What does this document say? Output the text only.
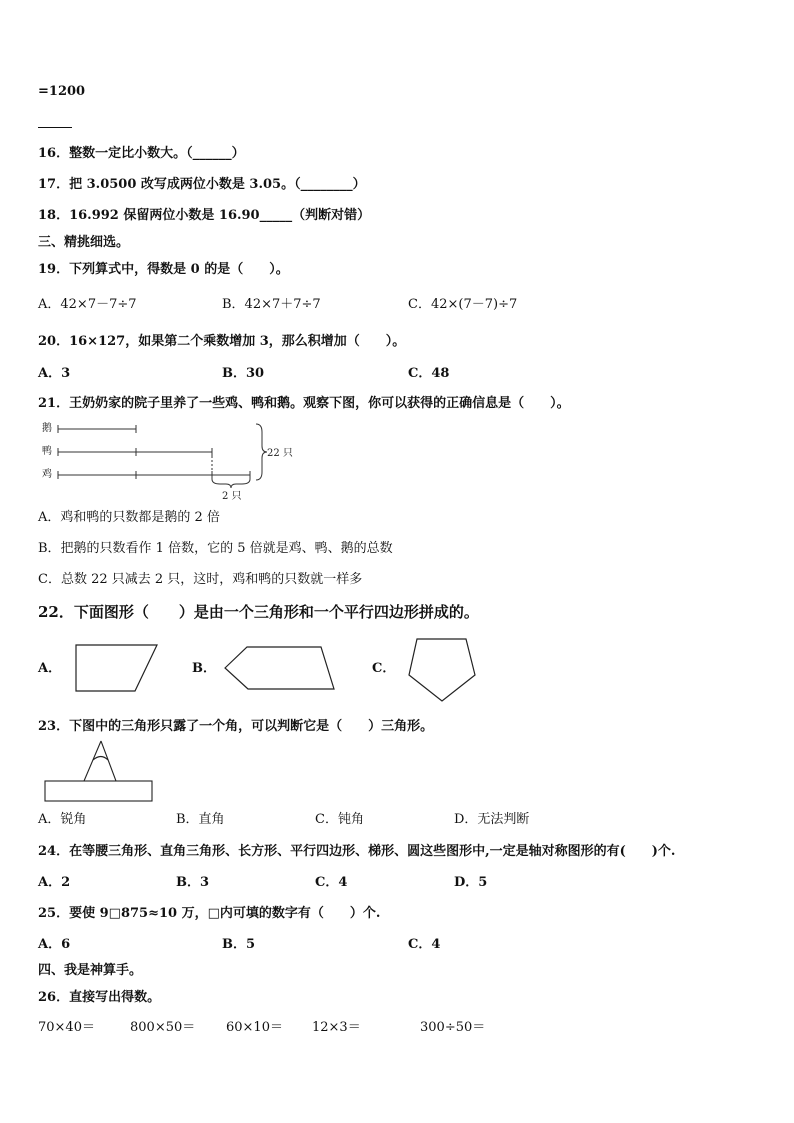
=1200
16．整数一定比小数大。（______）
17．把 3.0500 改写成两位小数是 3.05。（________）
18．16.992 保留两位小数是 16.90_____（判断对错）
三、精挑细选。
19．下列算式中，得数是 0 的是（　　）。
A．42×7－7÷7	B．42×7＋7÷7	C．42×(7－7)÷7
20．16×127，如果第二个乘数增加 3，那么积增加（　　）。
A．3	B．30	C．48
21．王奶奶家的院子里养了一些鸡、鸭和鹅。观察下图，你可以获得的正确信息是（　　）。
鹅
鸭
鸡
22 只
2 只
A．鸡和鸭的只数都是鹅的 2 倍
B．把鹅的只数看作 1 倍数，它的 5 倍就是鸡、鸭、鹅的总数
C．总数 22 只减去 2 只，这时，鸡和鸭的只数就一样多
22．下面图形（　　）是由一个三角形和一个平行四边形拼成的。
A．	B．	C．
23．下图中的三角形只露了一个角，可以判断它是（　　）三角形。
A．锐角	B．直角	C．钝角	D．无法判断
24．在等腰三角形、直角三角形、长方形、平行四边形、梯形、圆这些图形中,一定是轴对称图形的有(　　)个.
A．2	B．3	C．4	D．5
25．要使 9□875≈10 万，□内可填的数字有（　　）个.
A．6	B．5	C．4
四、我是神算手。
26．直接写出得数。
70×40＝	800×50＝ 60×10＝ 12×3＝	300÷50＝
